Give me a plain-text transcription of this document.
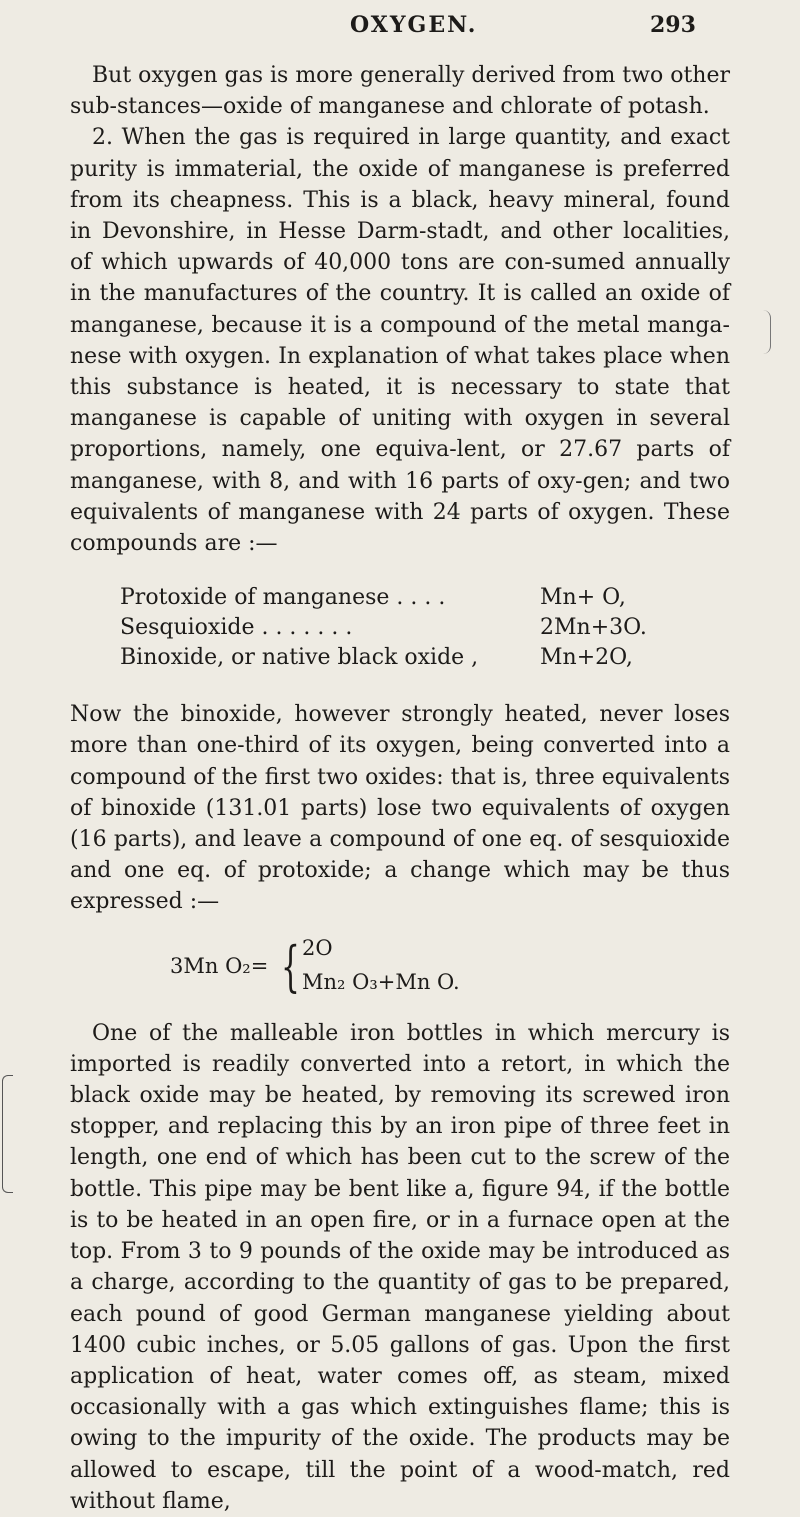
OXYGEN.	293

But oxygen gas is more generally derived from two other sub-stances—oxide of manganese and chlorate of potash.

2. When the gas is required in large quantity, and exact purity is immaterial, the oxide of manganese is preferred from its cheapness. This is a black, heavy mineral, found in Devonshire, in Hesse Darm-stadt, and other localities, of which upwards of 40,000 tons are con-sumed annually in the manufactures of the country. It is called an oxide of manganese, because it is a compound of the metal manga-nese with oxygen. In explanation of what takes place when this substance is heated, it is necessary to state that manganese is capable of uniting with oxygen in several proportions, namely, one equiva-lent, or 27.67 parts of manganese, with 8, and with 16 parts of oxy-gen; and two equivalents of manganese with 24 parts of oxygen. These compounds are :—

Protoxide of manganese . . . .	Mn+ O,
Sesquioxide . . . . . . .	2Mn+3O.
Binoxide, or native black oxide ,	Mn+2O,

Now the binoxide, however strongly heated, never loses more than one-third of its oxygen, being converted into a compound of the first two oxides: that is, three equivalents of binoxide (131.01 parts) lose two equivalents of oxygen (16 parts), and leave a compound of one eq. of sesquioxide and one eq. of protoxide; a change which may be thus expressed :—

3Mn O₂= { 2O
Mn₂ O₃+Mn O.

One of the malleable iron bottles in which mercury is imported is readily converted into a retort, in which the black oxide may be heated, by removing its screwed iron stopper, and replacing this by an iron pipe of three feet in length, one end of which has been cut to the screw of the bottle. This pipe may be bent like a, figure 94, if the bottle is to be heated in an open fire, or in a furnace open at the top. From 3 to 9 pounds of the oxide may be introduced as a charge, according to the quantity of gas to be prepared, each pound of good German manganese yielding about 1400 cubic inches, or 5.05 gallons of gas. Upon the first application of heat, water comes off, as steam, mixed occasionally with a gas which extinguishes flame; this is owing to the impurity of the oxide. The products may be allowed to escape, till the point of a wood-match, red without flame,
